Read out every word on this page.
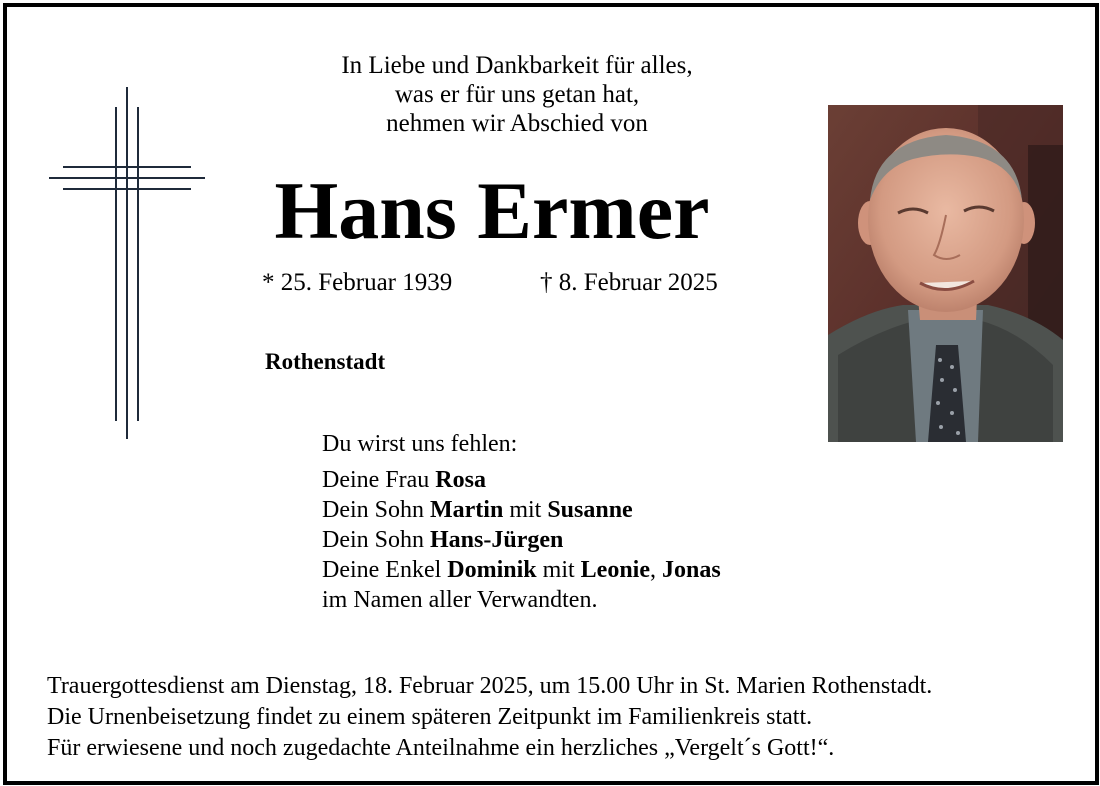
In Liebe und Dankbarkeit für alles,
was er für uns getan hat,
nehmen wir Abschied von
Hans Ermer
* 25. Februar 1939	† 8. Februar 2025
Rothenstadt
Du wirst uns fehlen:
Deine Frau Rosa
Dein Sohn Martin mit Susanne
Dein Sohn Hans-Jürgen
Deine Enkel Dominik mit Leonie, Jonas
im Namen aller Verwandten.
Trauergottesdienst am Dienstag, 18. Februar 2025, um 15.00 Uhr in St. Marien Rothenstadt.
Die Urnenbeisetzung findet zu einem späteren Zeitpunkt im Familienkreis statt.
Für erwiesene und noch zugedachte Anteilnahme ein herzliches „Vergelt´s Gott!“.
